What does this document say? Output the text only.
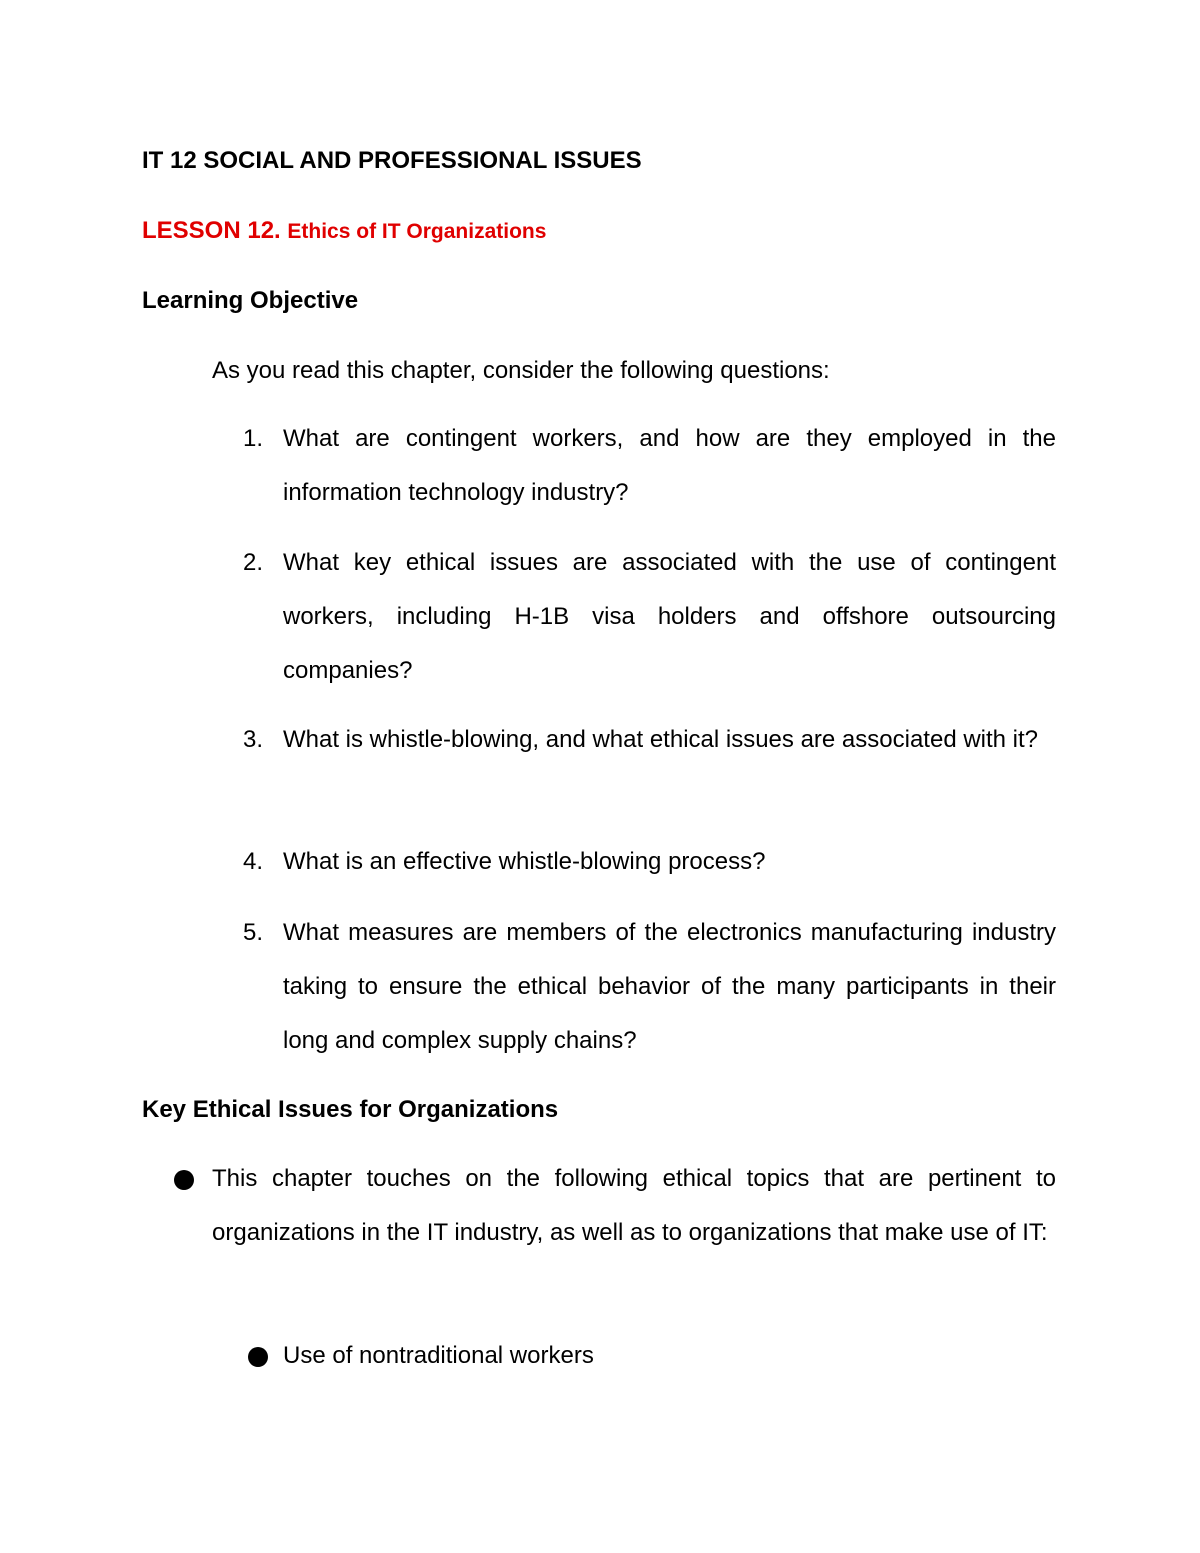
IT 12 SOCIAL AND PROFESSIONAL ISSUES
LESSON 12. Ethics of IT Organizations
Learning Objective
As you read this chapter, consider the following questions:
1. What are contingent workers, and how are they employed in the information technology industry?
2. What key ethical issues are associated with the use of contingent workers, including H-1B visa holders and offshore outsourcing companies?
3. What is whistle-blowing, and what ethical issues are associated with it?
4. What is an effective whistle-blowing process?
5. What measures are members of the electronics manufacturing industry taking to ensure the ethical behavior of the many participants in their long and complex supply chains?
Key Ethical Issues for Organizations
This chapter touches on the following ethical topics that are pertinent to organizations in the IT industry, as well as to organizations that make use of IT:
Use of nontraditional workers
